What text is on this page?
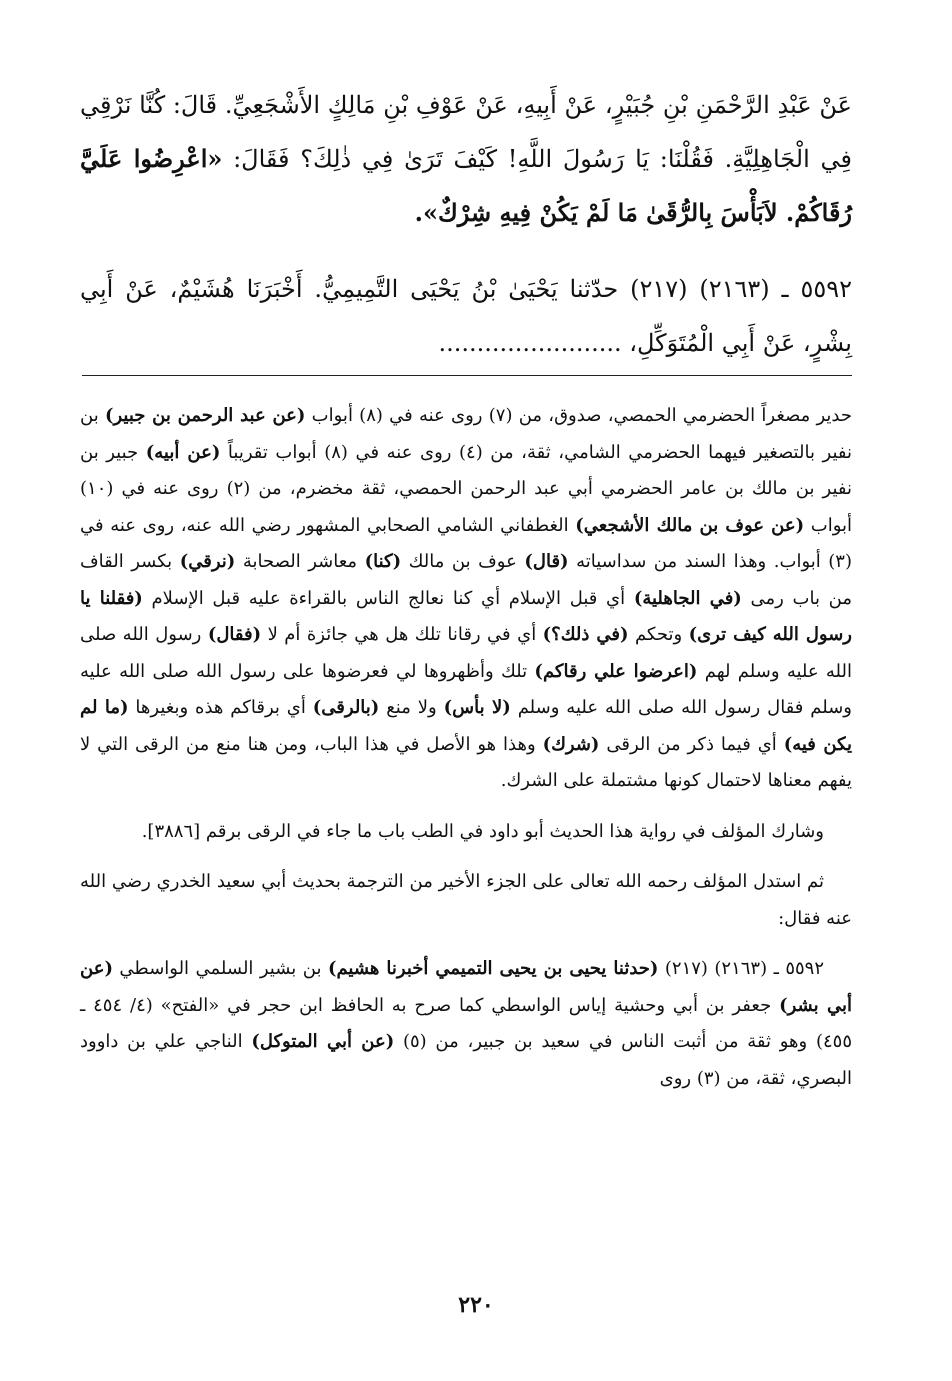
عَنْ عَبْدِ الرَّحْمَنِ بْنِ جُبَيْرٍ، عَنْ أَبِيهِ، عَنْ عَوْفِ بْنِ مَالِكٍ الأَشْجَعِيِّ. قَالَ: كُنَّا نَرْقِي فِي الْجَاهِلِيَّةِ. فَقُلْنَا: يَا رَسُولَ اللَّهِ! كَيْفَ تَرَىٰ فِي ذٰلِكَ؟ فَقَالَ: «اعْرِضُوا عَلَيَّ رُقَاكُمْ. لاَبَأْسَ بِالرُّقَىٰ مَا لَمْ يَكُنْ فِيهِ شِرْكٌ».

٥٥٩٢ ـ (٢١٦٣) (٢١٧) حدّثنا يَحْيَىٰ بْنُ يَحْيَى التَّمِيمِيُّ. أَخْبَرَنَا هُشَيْمٌ، عَنْ أَبِي بِشْرٍ، عَنْ أَبِي الْمُتَوَكِّلِ، ........................

حدير مصغراً الحضرمي الحمصي، صدوق، من (٧) روى عنه في (٨) أبواب (عن عبد الرحمن بن جبير) بن نفير بالتصغير فيهما الحضرمي الشامي، ثقة، من (٤) روى عنه في (٨) أبواب تقريباً (عن أبيه) جبير بن نفير بن مالك بن عامر الحضرمي أبي عبد الرحمن الحمصي، ثقة مخضرم، من (٢) روى عنه في (١٠) أبواب (عن عوف بن مالك الأشجعي) الغطفاني الشامي الصحابي المشهور رضي الله عنه، روى عنه في (٣) أبواب. وهذا السند من سداسياته (قال) عوف بن مالك (كنا) معاشر الصحابة (نرقي) بكسر القاف من باب رمى (في الجاهلية) أي قبل الإسلام أي كنا نعالج الناس بالقراءة عليه قبل الإسلام (فقلنا يا رسول الله كيف ترى) وتحكم (في ذلك؟) أي في رقانا تلك هل هي جائزة أم لا (فقال) رسول الله صلى الله عليه وسلم لهم (اعرضوا علي رقاكم) تلك وأظهروها لي فعرضوها على رسول الله صلى الله عليه وسلم فقال رسول الله صلى الله عليه وسلم (لا بأس) ولا منع (بالرقى) أي برقاكم هذه وبغيرها (ما لم يكن فيه) أي فيما ذكر من الرقى (شرك) وهذا هو الأصل في هذا الباب، ومن هنا منع من الرقى التي لا يفهم معناها لاحتمال كونها مشتملة على الشرك.

وشارك المؤلف في رواية هذا الحديث أبو داود في الطب باب ما جاء في الرقى برقم [٣٨٨٦].

ثم استدل المؤلف رحمه الله تعالى على الجزء الأخير من الترجمة بحديث أبي سعيد الخدري رضي الله عنه فقال:

٥٥٩٢ ـ (٢١٦٣) (٢١٧) (حدثنا يحيى بن يحيى التميمي أخبرنا هشيم) بن بشير السلمي الواسطي (عن أبي بشر) جعفر بن أبي وحشية إياس الواسطي كما صرح به الحافظ ابن حجر في «الفتح» (٤/ ٤٥٤ ـ ٤٥٥) وهو ثقة من أثبت الناس في سعيد بن جبير، من (٥) (عن أبي المتوكل) الناجي علي بن داوود البصري، ثقة، من (٣) روى

٢٢٠
